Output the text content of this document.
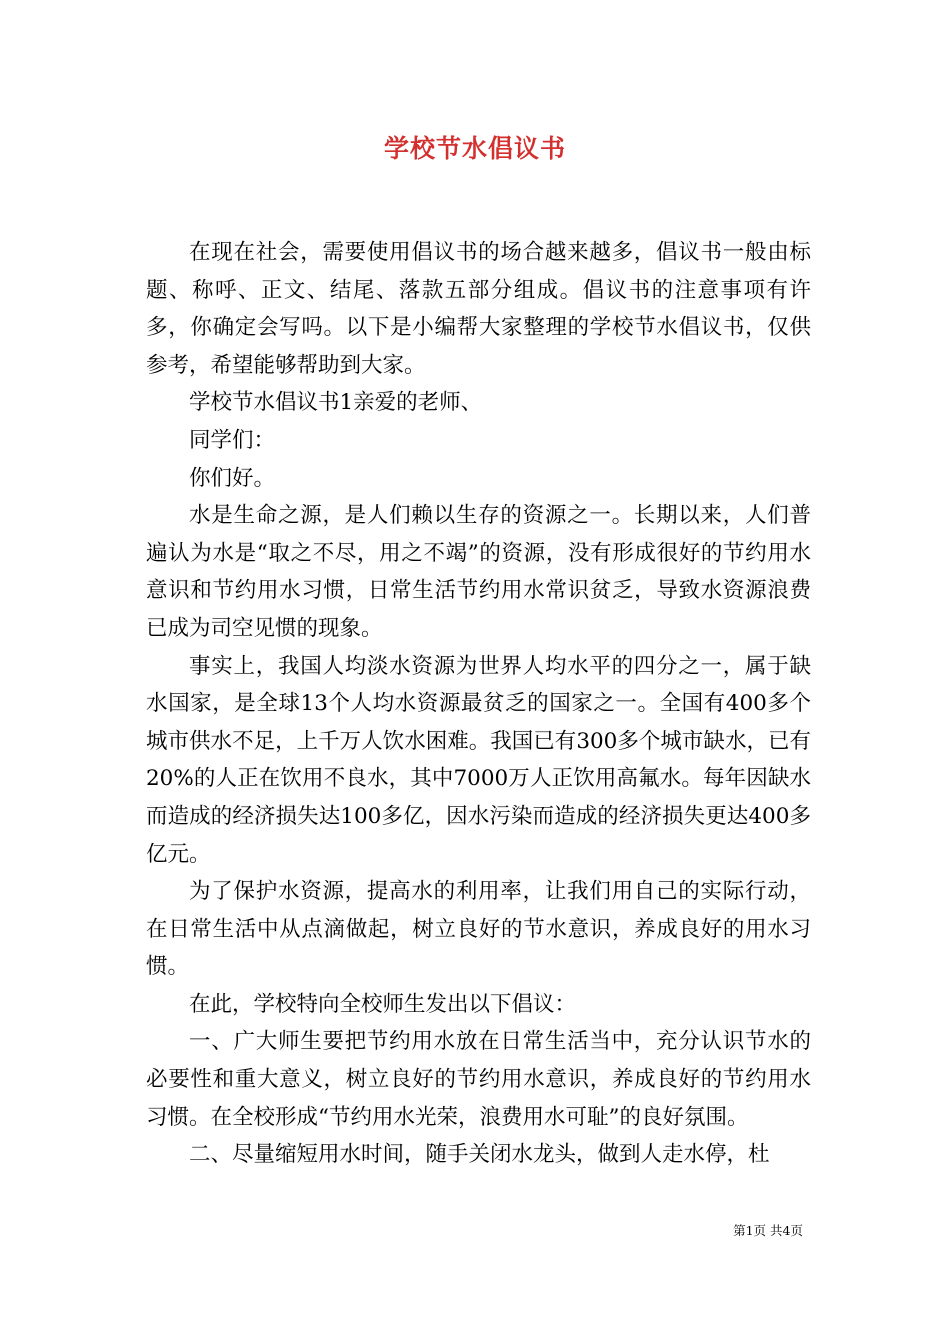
学校节水倡议书

在现在社会，需要使用倡议书的场合越来越多，倡议书一般由标题、称呼、正文、结尾、落款五部分组成。倡议书的注意事项有许多，你确定会写吗。以下是小编帮大家整理的学校节水倡议书，仅供参考，希望能够帮助到大家。

学校节水倡议书1亲爱的老师、

同学们：

你们好。

水是生命之源，是人们赖以生存的资源之一。长期以来，人们普遍认为水是“取之不尽，用之不竭”的资源，没有形成很好的节约用水意识和节约用水习惯，日常生活节约用水常识贫乏，导致水资源浪费已成为司空见惯的现象。

事实上，我国人均淡水资源为世界人均水平的四分之一，属于缺水国家，是全球13个人均水资源最贫乏的国家之一。全国有400多个城市供水不足，上千万人饮水困难。我国已有300多个城市缺水，已有20%的人正在饮用不良水，其中7000万人正饮用高氟水。每年因缺水而造成的经济损失达100多亿，因水污染而造成的经济损失更达400多亿元。

为了保护水资源，提高水的利用率，让我们用自己的实际行动，在日常生活中从点滴做起，树立良好的节水意识，养成良好的用水习惯。

在此，学校特向全校师生发出以下倡议：

一、广大师生要把节约用水放在日常生活当中，充分认识节水的必要性和重大意义，树立良好的节约用水意识，养成良好的节约用水习惯。在全校形成“节约用水光荣，浪费用水可耻”的良好氛围。

二、尽量缩短用水时间，随手关闭水龙头，做到人走水停，杜

第1页 共4页
